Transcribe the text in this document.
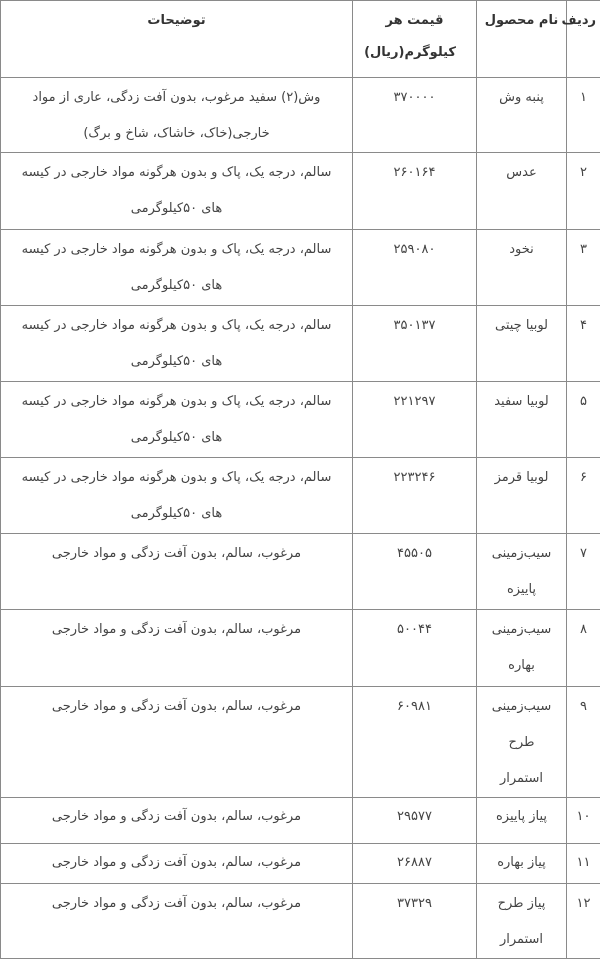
ردیف	نام محصول	قیمت هر کیلوگرم(ریال)	توضیحات
۱	پنبه وش	۳۷۰۰۰۰	وش(۲) سفید مرغوب، بدون آفت زدگی، عاری از مواد خارجی(خاک، خاشاک، شاخ و برگ)
۲	عدس	۲۶۰۱۶۴	سالم، درجه یک، پاک و بدون هرگونه مواد خارجی در کیسه های ۵۰کیلوگرمی
۳	نخود	۲۵۹۰۸۰	سالم، درجه یک، پاک و بدون هرگونه مواد خارجی در کیسه های ۵۰کیلوگرمی
۴	لوبیا چیتی	۳۵۰۱۳۷	سالم، درجه یک، پاک و بدون هرگونه مواد خارجی در کیسه های ۵۰کیلوگرمی
۵	لوبیا سفید	۲۲۱۲۹۷	سالم، درجه یک، پاک و بدون هرگونه مواد خارجی در کیسه های ۵۰کیلوگرمی
۶	لوبیا قرمز	۲۲۳۲۴۶	سالم، درجه یک، پاک و بدون هرگونه مواد خارجی در کیسه های ۵۰کیلوگرمی
۷	سیب‌زمینی پاییزه	۴۵۵۰۵	مرغوب، سالم، بدون آفت زدگی و مواد خارجی
۸	سیب‌زمینی بهاره	۵۰۰۴۴	مرغوب، سالم، بدون آفت زدگی و مواد خارجی
۹	سیب‌زمینی طرح استمرار	۶۰۹۸۱	مرغوب، سالم، بدون آفت زدگی و مواد خارجی
۱۰	پیاز پاییزه	۲۹۵۷۷	مرغوب، سالم، بدون آفت زدگی و مواد خارجی
۱۱	پیاز بهاره	۲۶۸۸۷	مرغوب، سالم، بدون آفت زدگی و مواد خارجی
۱۲	پیاز طرح استمرار	۳۷۳۲۹	مرغوب، سالم، بدون آفت زدگی و مواد خارجی
